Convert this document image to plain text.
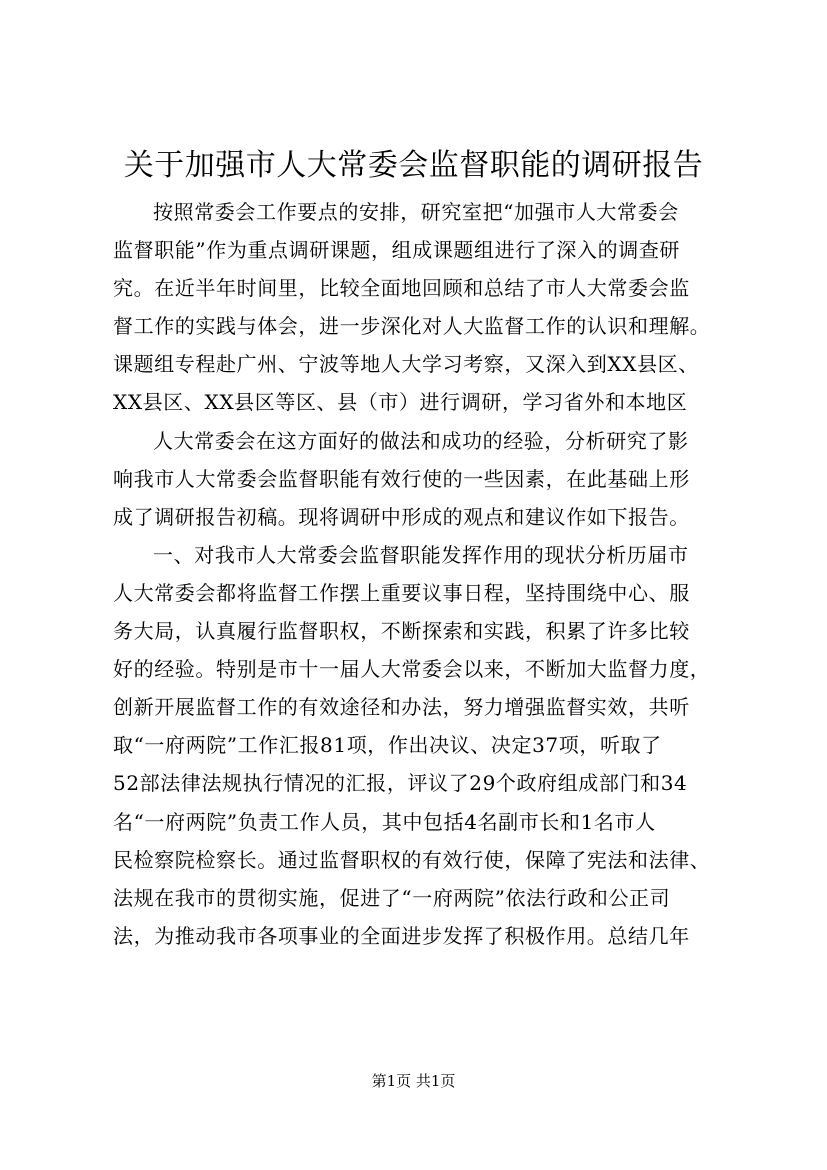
关于加强市人大常委会监督职能的调研报告
按照常委会工作要点的安排，研究室把“加强市人大常委会
监督职能”作为重点调研课题，组成课题组进行了深入的调查研
究。在近半年时间里，比较全面地回顾和总结了市人大常委会监
督工作的实践与体会，进一步深化对人大监督工作的认识和理解。
课题组专程赴广州、宁波等地人大学习考察，又深入到XX县区、
XX县区、XX县区等区、县（市）进行调研，学习省外和本地区
人大常委会在这方面好的做法和成功的经验，分析研究了影
响我市人大常委会监督职能有效行使的一些因素，在此基础上形
成了调研报告初稿。现将调研中形成的观点和建议作如下报告。
一、对我市人大常委会监督职能发挥作用的现状分析历届市
人大常委会都将监督工作摆上重要议事日程，坚持围绕中心、服
务大局，认真履行监督职权，不断探索和实践，积累了许多比较
好的经验。特别是市十一届人大常委会以来，不断加大监督力度，
创新开展监督工作的有效途径和办法，努力增强监督实效，共听
取“一府两院”工作汇报81项，作出决议、决定37项，听取了
52部法律法规执行情况的汇报，评议了29个政府组成部门和34
名“一府两院”负责工作人员，其中包括4名副市长和1名市人
民检察院检察长。通过监督职权的有效行使，保障了宪法和法律、
法规在我市的贯彻实施，促进了“一府两院”依法行政和公正司
法，为推动我市各项事业的全面进步发挥了积极作用。总结几年
第1页 共1页
